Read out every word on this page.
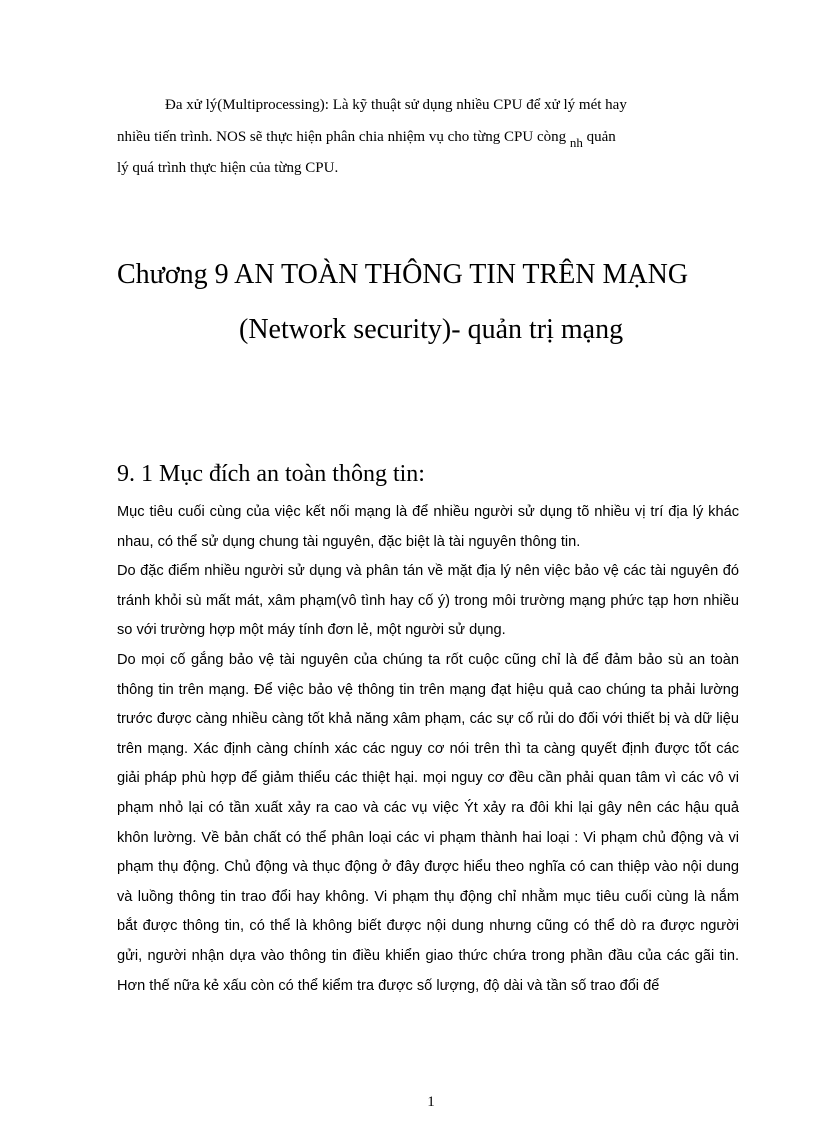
Đa xử lý(Multiprocessing): Là kỹ thuật sử dụng nhiều CPU để xử lý mét hay
nhiều tiến trình. NOS sẽ thực hiện phân chia nhiệm vụ cho từng CPU còng nh quản
lý quá trình thực hiện của từng CPU.
Chương 9 AN TOÀN THÔNG TIN TRÊN MẠNG
(Network security)- quản trị mạng
9. 1 Mục đích an toàn thông tin:

Mục tiêu cuối cùng của việc kết nối mạng là để nhiều người sử dụng tõ nhiều vị trí địa lý khác nhau, có thể sử dụng chung tài nguyên, đặc biệt là tài nguyên thông tin.

Do đặc điểm nhiều người sử dụng và phân tán về mặt địa lý nên việc bảo vệ các tài nguyên đó tránh khỏi sù mất mát, xâm phạm(vô tình hay cố ý) trong môi trường mạng phức tạp hơn nhiều so với trường hợp một máy tính đơn lẻ, một người sử dụng.

Do mọi cố gắng bảo vệ tài nguyên của chúng ta rốt cuộc cũng chỉ là để đảm bảo sù an toàn thông tin trên mạng. Để việc bảo vệ thông tin trên mạng đạt hiệu quả cao chúng ta phải lường trước được càng nhiều càng tốt khả năng xâm phạm, các sự cố rủi do đối với thiết bị và dữ liệu trên mạng. Xác định càng chính xác các nguy cơ nói trên thì ta càng quyết định được tốt các giải pháp phù hợp để giảm thiểu các thiệt hại. mọi nguy cơ đều cần phải quan tâm vì các vô vi phạm nhỏ lại có tần xuất xảy ra cao và các vụ việc Ýt xảy ra đôi khi lại gây nên các hậu quả khôn lường. Về bản chất có thể phân loại các vi phạm thành hai loại : Vi phạm chủ động và vi phạm thụ động. Chủ động và thục động ở đây được hiểu theo nghĩa có can thiệp vào nội dung và luồng thông tin trao đổi hay không. Vi phạm thụ động chỉ nhằm mục tiêu cuối cùng là nắm bắt được thông tin, có thể là không biết được nội dung nhưng cũng có thể dò ra được người gửi, người nhận dựa vào thông tin điều khiển giao thức chứa trong phần đầu của các gãi tin. Hơn thế nữa kẻ xấu còn có thể kiểm tra được số lượng, độ dài và tần số trao đổi để

1
